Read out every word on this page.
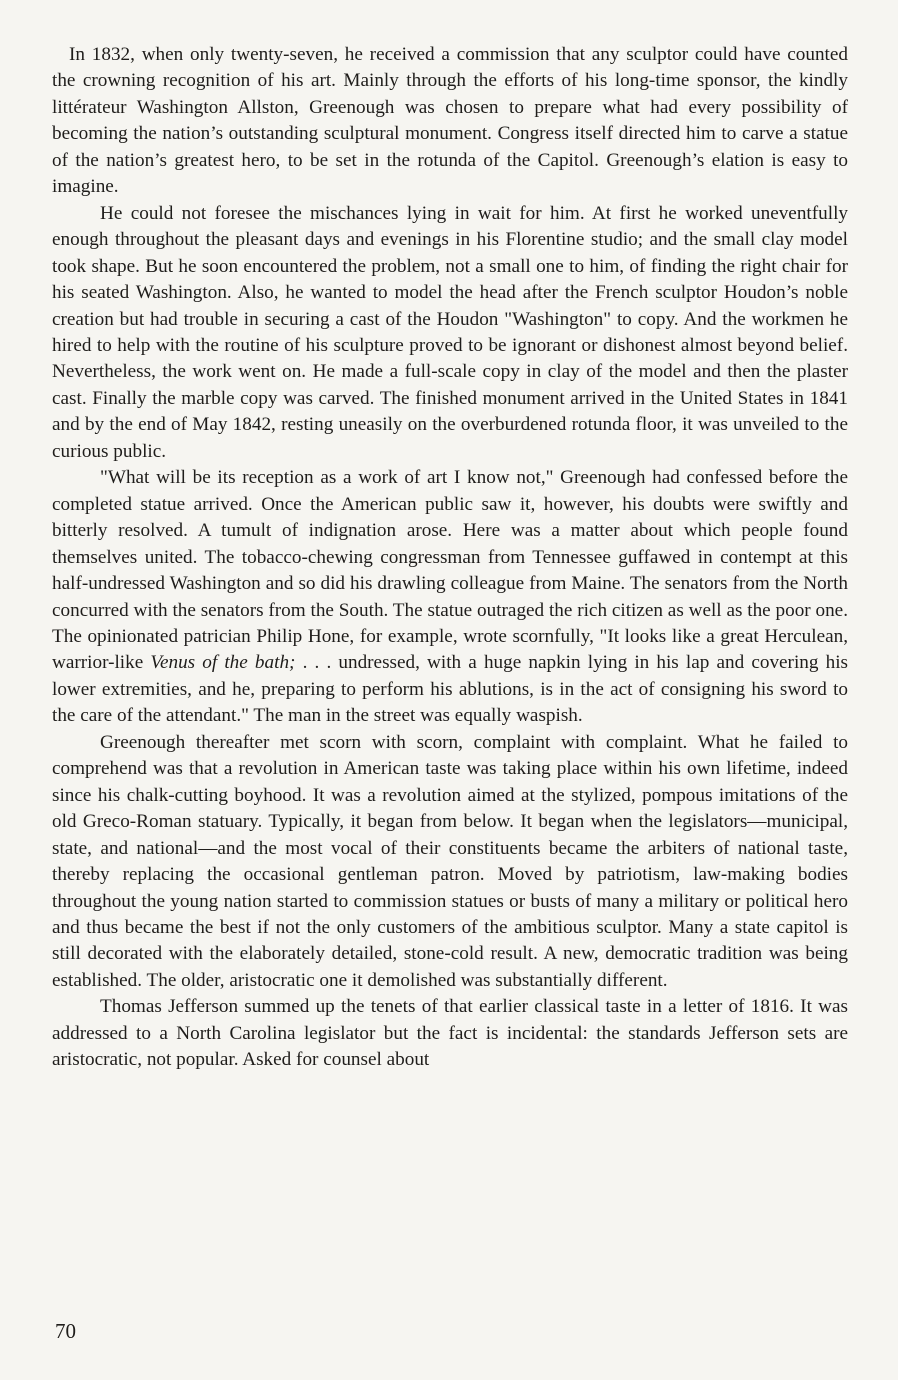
In 1832, when only twenty-seven, he received a commission that any sculptor could have counted the crowning recognition of his art. Mainly through the efforts of his long-time sponsor, the kindly littérateur Washington Allston, Greenough was chosen to prepare what had every possibility of becoming the nation’s outstanding sculptural monument. Congress itself directed him to carve a statue of the nation’s greatest hero, to be set in the rotunda of the Capitol. Greenough’s elation is easy to imagine.

He could not foresee the mischances lying in wait for him. At first he worked uneventfully enough throughout the pleasant days and evenings in his Florentine studio; and the small clay model took shape. But he soon encountered the problem, not a small one to him, of finding the right chair for his seated Washington. Also, he wanted to model the head after the French sculptor Houdon’s noble creation but had trouble in securing a cast of the Houdon "Washington" to copy. And the workmen he hired to help with the routine of his sculpture proved to be ignorant or dishonest almost beyond belief. Nevertheless, the work went on. He made a full-scale copy in clay of the model and then the plaster cast. Finally the marble copy was carved. The finished monument arrived in the United States in 1841 and by the end of May 1842, resting uneasily on the overburdened rotunda floor, it was unveiled to the curious public.

"What will be its reception as a work of art I know not," Greenough had confessed before the completed statue arrived. Once the American public saw it, however, his doubts were swiftly and bitterly resolved. A tumult of indignation arose. Here was a matter about which people found themselves united. The tobacco-chewing congressman from Tennessee guffawed in contempt at this half-undressed Washington and so did his drawling colleague from Maine. The senators from the North concurred with the senators from the South. The statue outraged the rich citizen as well as the poor one. The opinionated patrician Philip Hone, for example, wrote scornfully, "It looks like a great Herculean, warrior-like Venus of the bath; . . . undressed, with a huge napkin lying in his lap and covering his lower extremities, and he, preparing to perform his ablutions, is in the act of consigning his sword to the care of the attendant." The man in the street was equally waspish.

Greenough thereafter met scorn with scorn, complaint with complaint. What he failed to comprehend was that a revolution in American taste was taking place within his own lifetime, indeed since his chalk-cutting boyhood. It was a revolution aimed at the stylized, pompous imitations of the old Greco-Roman statuary. Typically, it began from below. It began when the legislators—municipal, state, and national—and the most vocal of their constituents became the arbiters of national taste, thereby replacing the occasional gentleman patron. Moved by patriotism, law-making bodies throughout the young nation started to commission statues or busts of many a military or political hero and thus became the best if not the only customers of the ambitious sculptor. Many a state capitol is still decorated with the elaborately detailed, stone-cold result. A new, democratic tradition was being established. The older, aristocratic one it demolished was substantially different.

Thomas Jefferson summed up the tenets of that earlier classical taste in a letter of 1816. It was addressed to a North Carolina legislator but the fact is incidental: the standards Jefferson sets are aristocratic, not popular. Asked for counsel about

70
